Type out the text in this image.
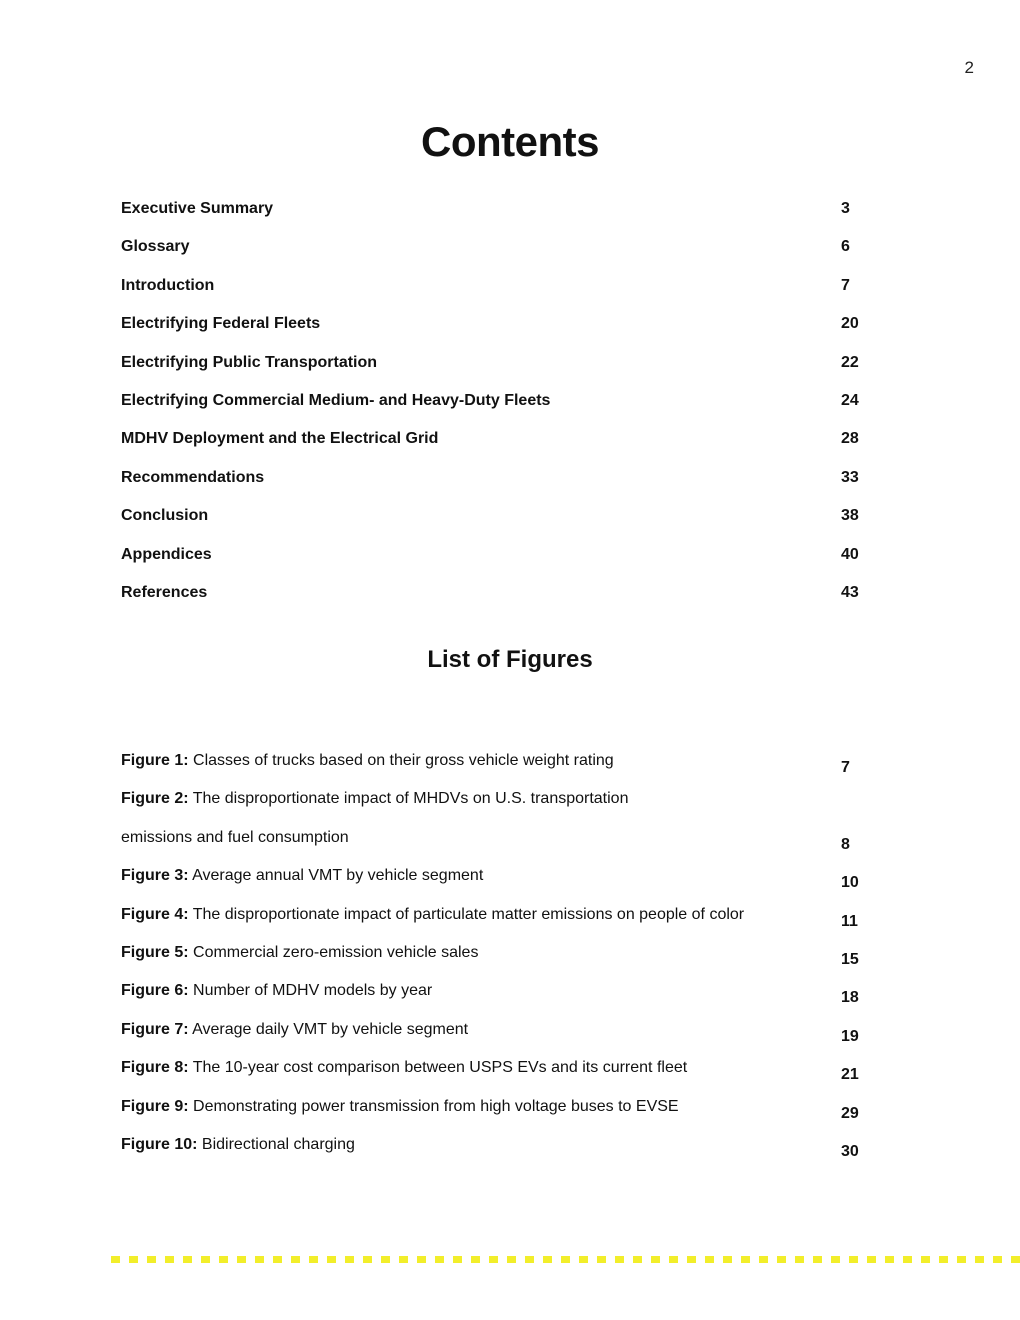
2
Contents
Executive Summary	3
Glossary	6
Introduction	7
Electrifying Federal Fleets	20
Electrifying Public Transportation	22
Electrifying Commercial Medium- and Heavy-Duty Fleets	24
MDHV Deployment and the Electrical Grid	28
Recommendations	33
Conclusion	38
Appendices	40
References	43
List of Figures
Figure 1: Classes of trucks based on their gross vehicle weight rating	7
Figure 2: The disproportionate impact of MHDVs on U.S. transportation
emissions and fuel consumption	8
Figure 3: Average annual VMT by vehicle segment	10
Figure 4: The disproportionate impact of particulate matter emissions on people of color	11
Figure 5: Commercial zero-emission vehicle sales	15
Figure 6: Number of MDHV models by year	18
Figure 7: Average daily VMT by vehicle segment	19
Figure 8: The 10-year cost comparison between USPS EVs and its current fleet	21
Figure 9: Demonstrating power transmission from high voltage buses to EVSE	29
Figure 10: Bidirectional charging	30
